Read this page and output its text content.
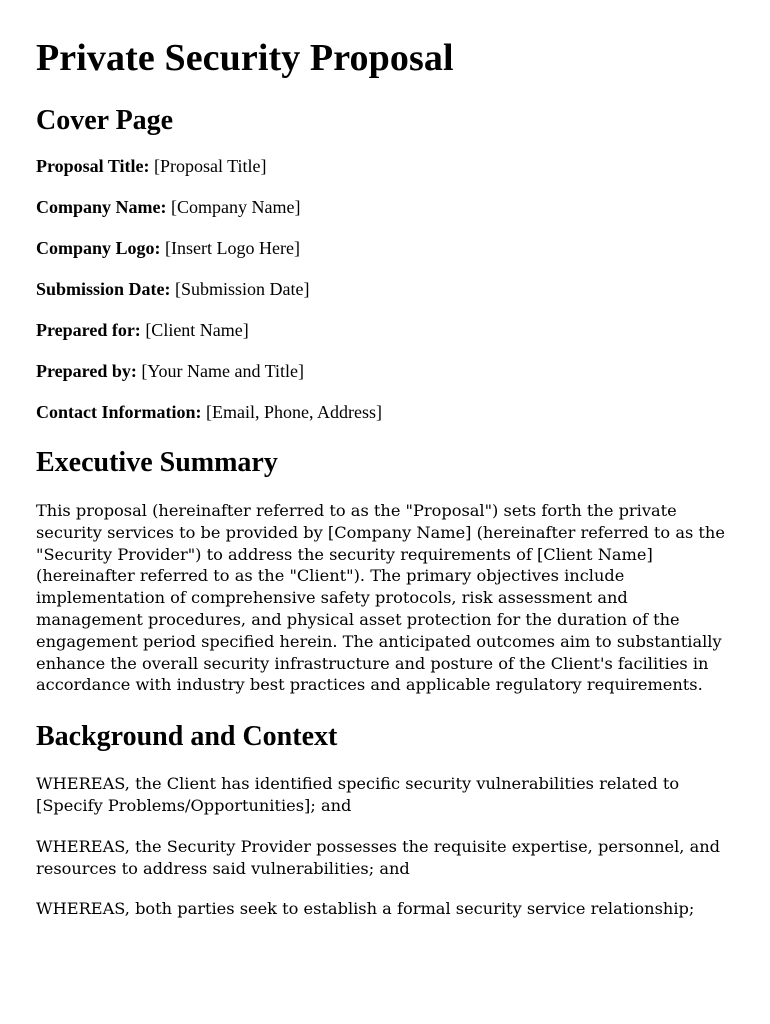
Private Security Proposal
Cover Page
Proposal Title: [Proposal Title]
Company Name: [Company Name]
Company Logo: [Insert Logo Here]
Submission Date: [Submission Date]
Prepared for: [Client Name]
Prepared by: [Your Name and Title]
Contact Information: [Email, Phone, Address]
Executive Summary

This proposal (hereinafter referred to as the "Proposal") sets forth the private security services to be provided by [Company Name] (hereinafter referred to as the "Security Provider") to address the security requirements of [Client Name] (hereinafter referred to as the "Client"). The primary objectives include implementation of comprehensive safety protocols, risk assessment and management procedures, and physical asset protection for the duration of the engagement period specified herein. The anticipated outcomes aim to substantially enhance the overall security infrastructure and posture of the Client's facilities in accordance with industry best practices and applicable regulatory requirements.

Background and Context

WHEREAS, the Client has identified specific security vulnerabilities related to [Specify Problems/Opportunities]; and

WHEREAS, the Security Provider possesses the requisite expertise, personnel, and resources to address said vulnerabilities; and

WHEREAS, both parties seek to establish a formal security service relationship;
